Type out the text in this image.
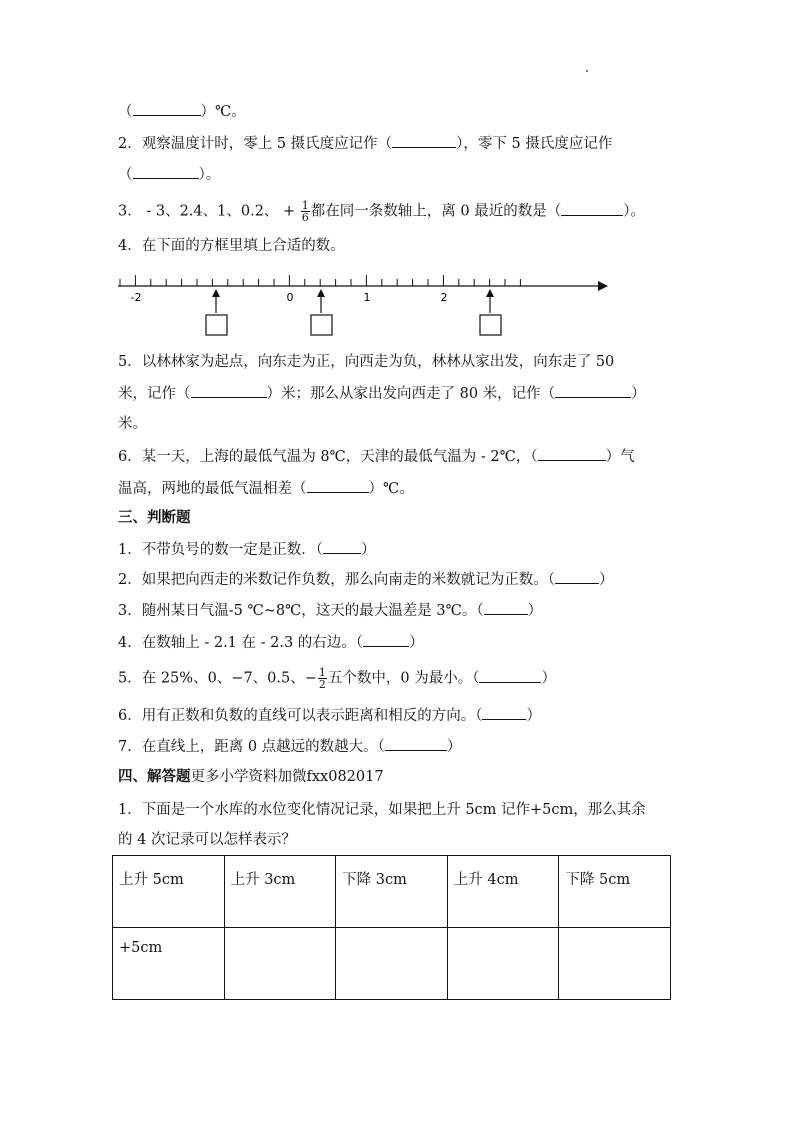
（	）℃。
2．观察温度计时，零上 5 摄氏度应记作（	），零下 5 摄氏度应记作
（	）。
3． - 3、2.4、1、0.2、 + $\frac{1}{6}$ 都在同一条数轴上，离 0 最近的数是（	）。
4．在下面的方框里填上合适的数。
-2	0	1	2
5．以林林家为起点，向东走为正，向西走为负，林林从家出发，向东走了 50
米，记作（	）米；那么从家出发向西走了 80 米，记作（	）
米。
6．某一天，上海的最低气温为 8℃，天津的最低气温为 - 2℃，（	）气
温高，两地的最低气温相差（	）℃。
三、判断题
1．不带负号的数一定是正数．（	）
2．如果把向西走的米数记作负数，那么向南走的米数就记为正数。（	）
3．随州某日气温-5 ℃~8℃，这天的最大温差是 3℃。（	）
4．在数轴上 - 2.1 在 - 2.3 的右边。（	）
5．在 25%、0、−7、0.5、− $\frac{1}{2}$ 五个数中，0 为最小。（	）
6．用有正数和负数的直线可以表示距离和相反的方向。（	）
7．在直线上，距离 0 点越远的数越大。（	）
四、解答题更多小学资料加微fxx082017
1．下面是一个水库的水位变化情况记录，如果把上升 5cm 记作+5cm，那么其余
的 4 次记录可以怎样表示？
上升 5cm	上升 3cm	下降 3cm	上升 4cm	下降 5cm
+5cm				
